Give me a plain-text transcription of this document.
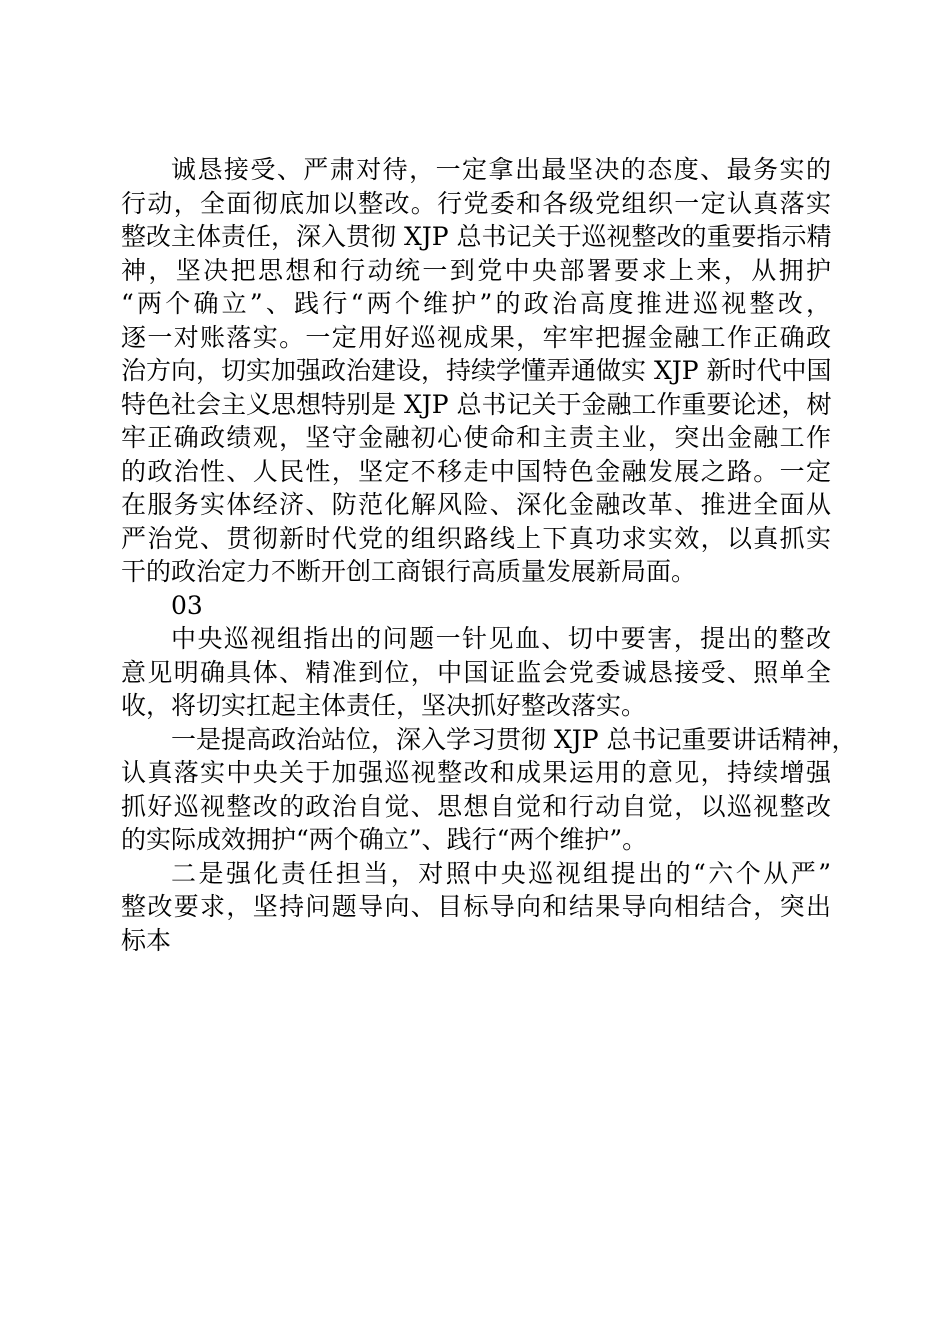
诚恳接受、严肃对待，一定拿出最坚决的态度、最务实的
行动，全面彻底加以整改。行党委和各级党组织一定认真落实
整改主体责任，深入贯彻 XJP 总书记关于巡视整改的重要指示精
神，坚决把思想和行动统一到党中央部署要求上来，从拥护
“两个确立”、践行“两个维护”的政治高度推进巡视整改，
逐一对账落实。一定用好巡视成果，牢牢把握金融工作正确政
治方向，切实加强政治建设，持续学懂弄通做实 XJP 新时代中国
特色社会主义思想特别是 XJP 总书记关于金融工作重要论述，树
牢正确政绩观，坚守金融初心使命和主责主业，突出金融工作
的政治性、人民性，坚定不移走中国特色金融发展之路。一定
在服务实体经济、防范化解风险、深化金融改革、推进全面从
严治党、贯彻新时代党的组织路线上下真功求实效，以真抓实
干的政治定力不断开创工商银行高质量发展新局面。
03
中央巡视组指出的问题一针见血、切中要害，提出的整改
意见明确具体、精准到位，中国证监会党委诚恳接受、照单全
收，将切实扛起主体责任，坚决抓好整改落实。
一是提高政治站位，深入学习贯彻 XJP 总书记重要讲话精神，
认真落实中央关于加强巡视整改和成果运用的意见，持续增强
抓好巡视整改的政治自觉、思想自觉和行动自觉，以巡视整改
的实际成效拥护“两个确立”、践行“两个维护”。
二是强化责任担当，对照中央巡视组提出的“六个从严”
整改要求，坚持问题导向、目标导向和结果导向相结合，突出
标本
